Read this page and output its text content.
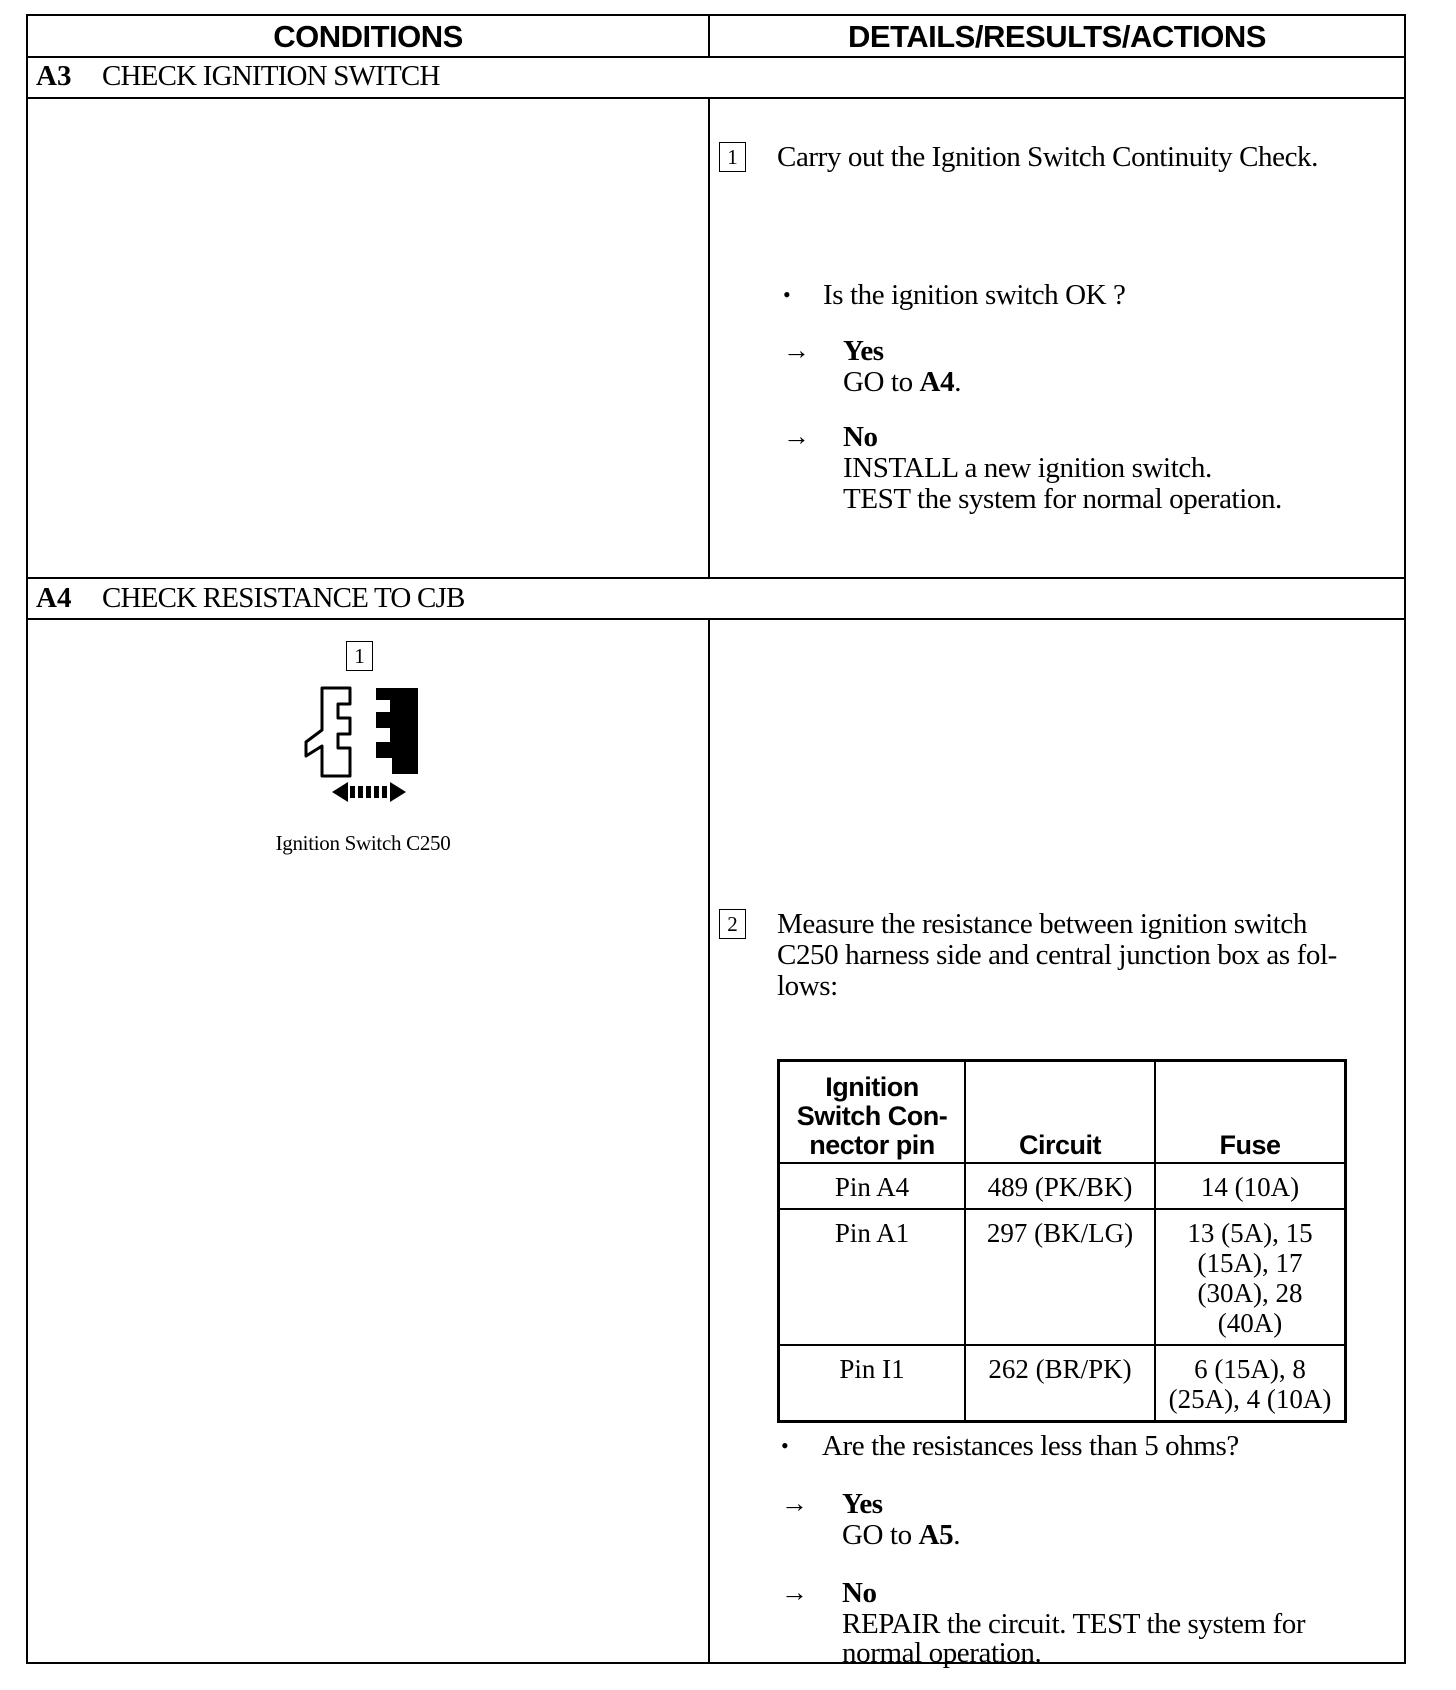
CONDITIONS	DETAILS/RESULTS/ACTIONS
A3 CHECK IGNITION SWITCH
1 Carry out the Ignition Switch Continuity Check.
• Is the ignition switch OK ?
→ Yes
GO to A4.
→ No
INSTALL a new ignition switch.
TEST the system for normal operation.
A4 CHECK RESISTANCE TO CJB
1
Ignition Switch C250
2 Measure the resistance between ignition switch
C250 harness side and central junction box as fol-
lows:
Ignition
Switch Con-
nector pin	Circuit	Fuse

Pin A4	489 (PK/BK)	14 (10A)

Pin A1	297 (BK/LG)	13 (5A), 15
(15A), 17
(30A), 28
(40A)

Pin I1	262 (BR/PK)	6 (15A), 8
(25A), 4 (10A)
• Are the resistances less than 5 ohms?
→ Yes
GO to A5.
→ No
REPAIR the circuit. TEST the system for
normal operation.
